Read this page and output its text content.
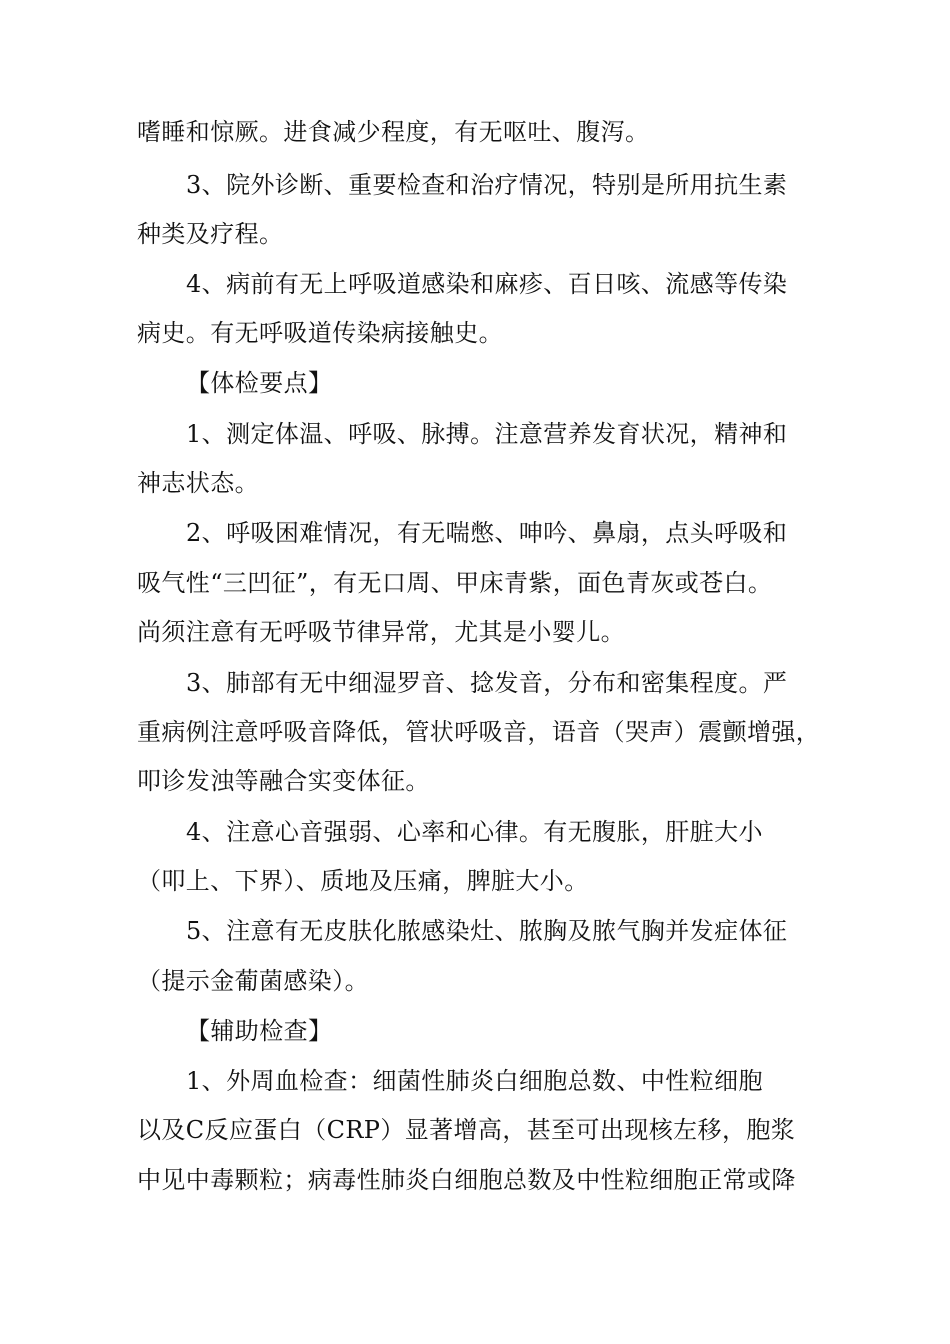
嗜睡和惊厥。进食减少程度，有无呕吐、腹泻。
3、院外诊断、重要检查和治疗情况，特别是所用抗生素
种类及疗程。
4、病前有无上呼吸道感染和麻疹、百日咳、流感等传染
病史。有无呼吸道传染病接触史。
【体检要点】
1、测定体温、呼吸、脉搏。注意营养发育状况，精神和
神志状态。
2、呼吸困难情况，有无喘憋、呻吟、鼻扇，点头呼吸和
吸气性“三凹征”，有无口周、甲床青紫，面色青灰或苍白。
尚须注意有无呼吸节律异常，尤其是小婴儿。
3、肺部有无中细湿罗音、捻发音，分布和密集程度。严
重病例注意呼吸音降低，管状呼吸音，语音（哭声）震颤增强，
叩诊发浊等融合实变体征。
4、注意心音强弱、心率和心律。有无腹胀，肝脏大小
（叩上、下界）、质地及压痛，脾脏大小。
5、注意有无皮肤化脓感染灶、脓胸及脓气胸并发症体征
（提示金葡菌感染）。
【辅助检查】
1、外周血检查：细菌性肺炎白细胞总数、中性粒细胞
以及C反应蛋白（CRP）显著增高，甚至可出现核左移，胞浆
中见中毒颗粒；病毒性肺炎白细胞总数及中性粒细胞正常或降
